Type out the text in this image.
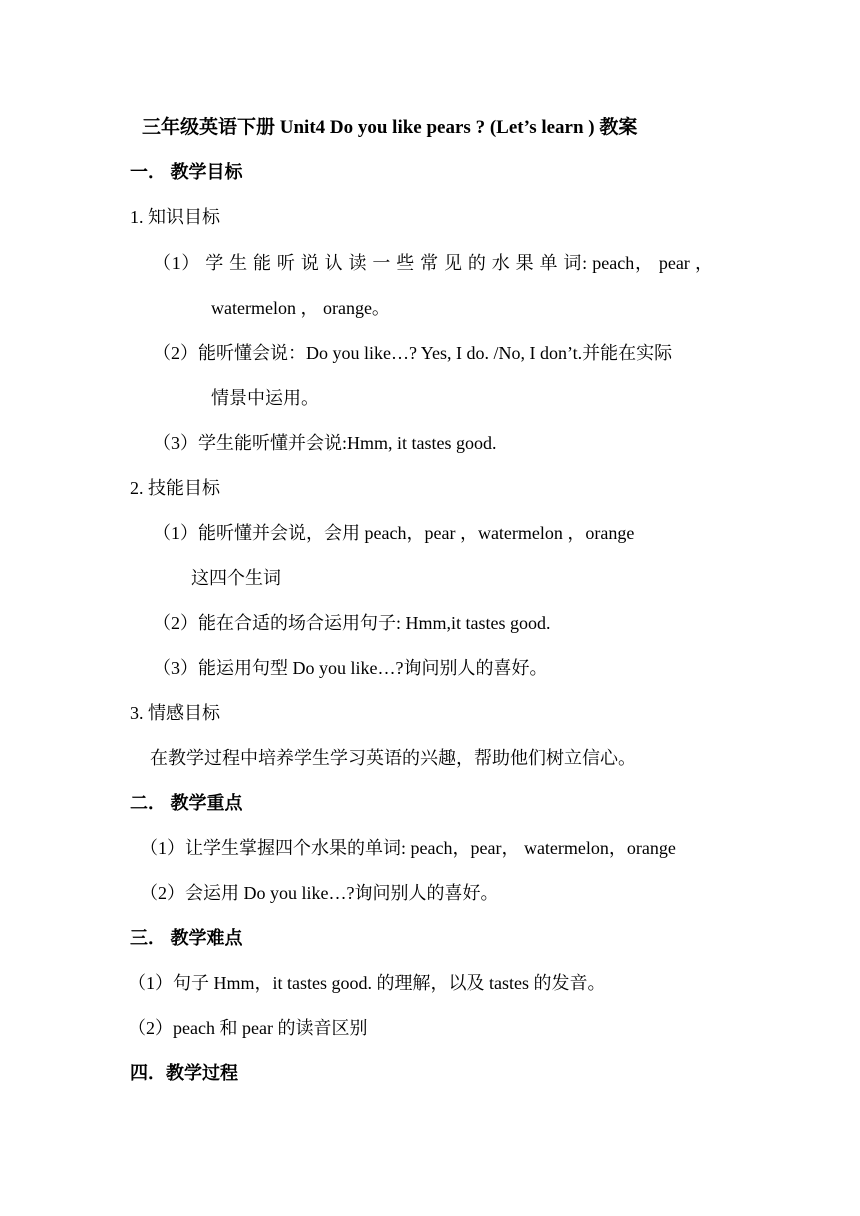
三年级英语下册 Unit4 Do you like pears ? (Let’s learn ) 教案
一． 教学目标
1. 知识目标
（1） 学 生 能 听 说 认 读 一 些 常 见 的 水 果 单 词: peach， pear ，
watermelon ， orange。
（2）能听懂会说：Do you like…? Yes, I do. /No, I don’t.并能在实际
情景中运用。
（3）学生能听懂并会说:Hmm, it tastes good.
2. 技能目标
（1）能听懂并会说，会用 peach，pear ，watermelon ，orange
这四个生词
（2）能在合适的场合运用句子: Hmm,it tastes good.
（3）能运用句型 Do you like…?询问别人的喜好。
3. 情感目标
在教学过程中培养学生学习英语的兴趣，帮助他们树立信心。
二． 教学重点
（1）让学生掌握四个水果的单词: peach，pear， watermelon，orange
（2）会运用 Do you like…?询问别人的喜好。
三． 教学难点
（1）句子 Hmm，it tastes good. 的理解，以及 tastes 的发音。
（2）peach 和 pear 的读音区别
四．教学过程
